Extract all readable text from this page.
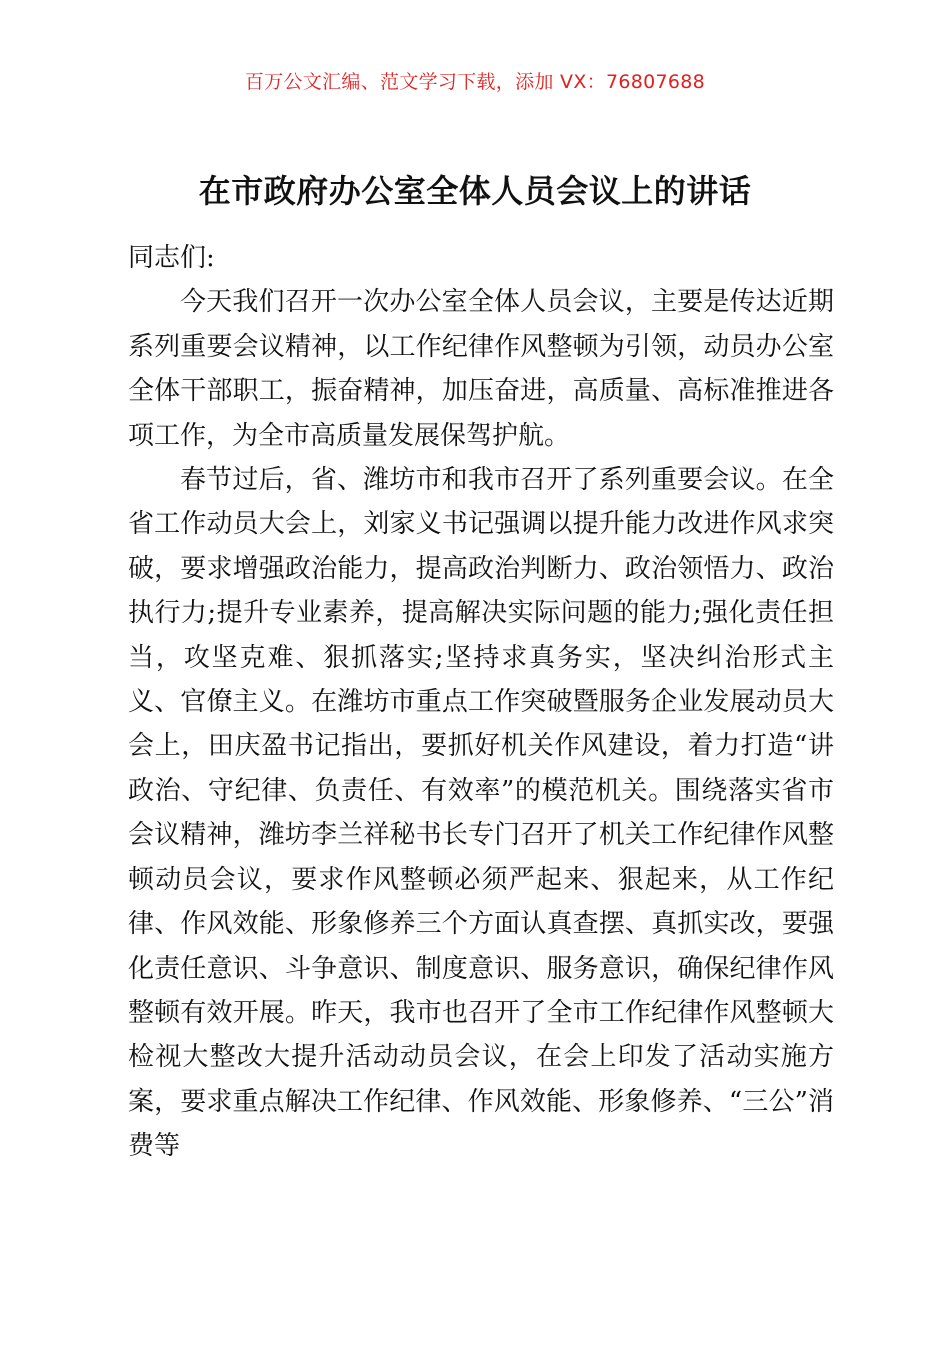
百万公文汇编、范文学习下载，添加 VX：76807688
在市政府办公室全体人员会议上的讲话

同志们:

今天我们召开一次办公室全体人员会议，主要是传达近期系列重要会议精神，以工作纪律作风整顿为引领，动员办公室全体干部职工，振奋精神，加压奋进，高质量、高标准推进各项工作，为全市高质量发展保驾护航。

春节过后，省、潍坊市和我市召开了系列重要会议。在全省工作动员大会上，刘家义书记强调以提升能力改进作风求突破，要求增强政治能力，提高政治判断力、政治领悟力、政治执行力;提升专业素养，提高解决实际问题的能力;强化责任担当，攻坚克难、狠抓落实;坚持求真务实，坚决纠治形式主义、官僚主义。在潍坊市重点工作突破暨服务企业发展动员大会上，田庆盈书记指出，要抓好机关作风建设，着力打造“讲政治、守纪律、负责任、有效率”的模范机关。围绕落实省市会议精神，潍坊李兰祥秘书长专门召开了机关工作纪律作风整顿动员会议，要求作风整顿必须严起来、狠起来，从工作纪律、作风效能、形象修养三个方面认真查摆、真抓实改，要强化责任意识、斗争意识、制度意识、服务意识，确保纪律作风整顿有效开展。昨天，我市也召开了全市工作纪律作风整顿大检视大整改大提升活动动员会议，在会上印发了活动实施方案，要求重点解决工作纪律、作风效能、形象修养、“三公”消费等
